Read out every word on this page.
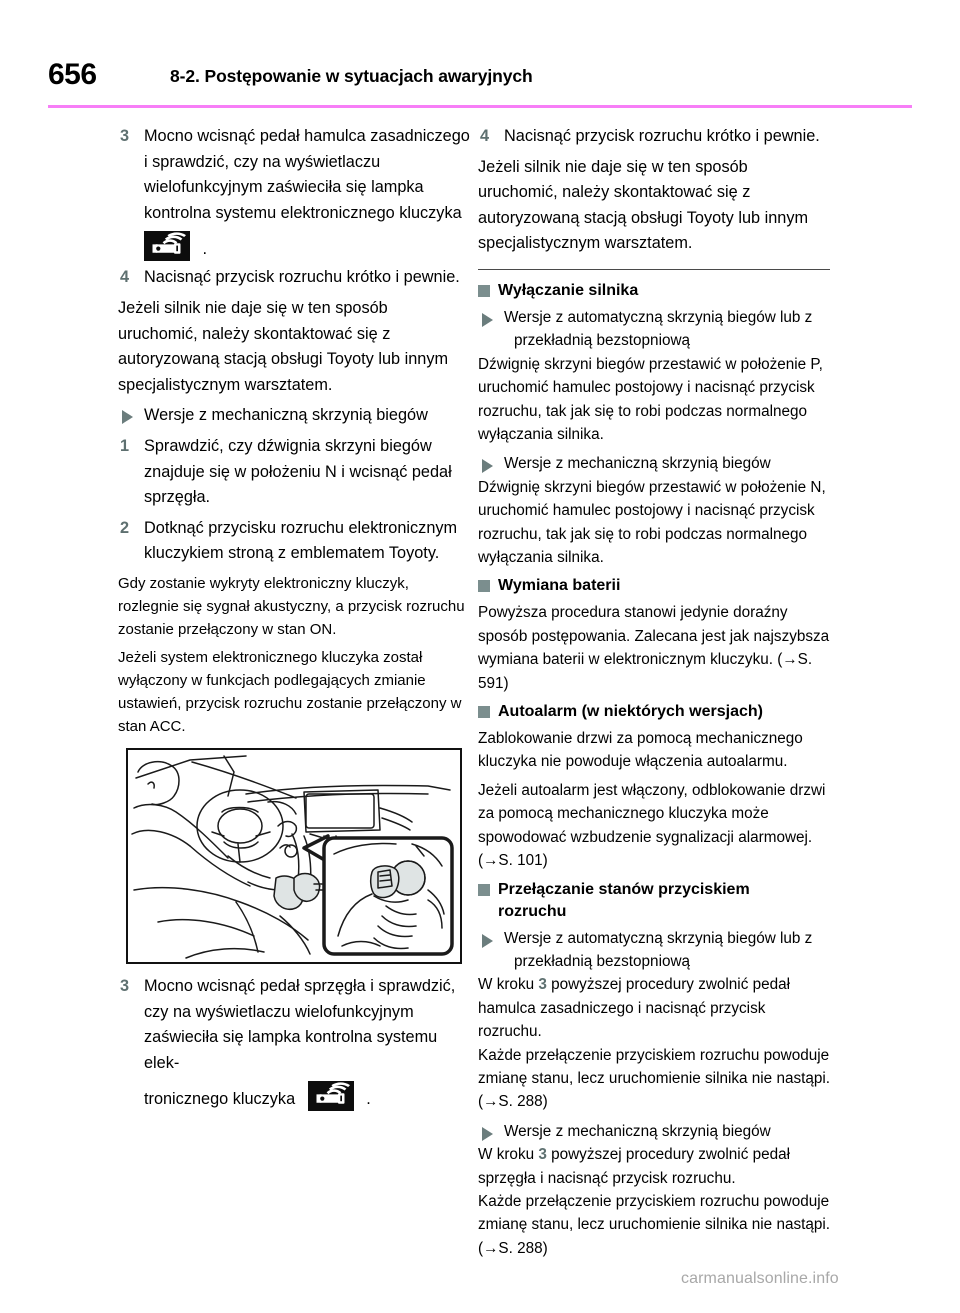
656	8-2. Postępowanie w sytuacjach awaryjnych
3 Mocno wcisnąć pedał hamulca zasadniczego i sprawdzić, czy na wyświetlaczu wielofunkcyjnym zaświeciła się lampka kontrolna systemu elektronicznego kluczyka
.
4 Nacisnąć przycisk rozruchu krótko i pewnie.
Jeżeli silnik nie daje się w ten sposób uruchomić, należy skontaktować się z autoryzowaną stacją obsługi Toyoty lub innym specjalistycznym warsztatem.
Wersje z mechaniczną skrzynią biegów
1 Sprawdzić, czy dźwignia skrzyni biegów znajduje się w położeniu N i wcisnąć pedał sprzęgła.
2 Dotknąć przycisku rozruchu elektronicznym kluczykiem stroną z emblematem Toyoty.
Gdy zostanie wykryty elektroniczny kluczyk, rozlegnie się sygnał akustyczny, a przycisk rozruchu zostanie przełączony w stan ON.
Jeżeli system elektronicznego kluczyka został wyłączony w funkcjach podlegających zmianie ustawień, przycisk rozruchu zostanie przełączony w stan ACC.
3 Mocno wcisnąć pedał sprzęgła i sprawdzić, czy na wyświetlaczu wielofunkcyjnym zaświeciła się lampka kontrolna systemu elek-
tronicznego kluczyka	.
4 Nacisnąć przycisk rozruchu krótko i pewnie.
Jeżeli silnik nie daje się w ten sposób uruchomić, należy skontaktować się z autoryzowaną stacją obsługi Toyoty lub innym specjalistycznym warsztatem.
Wyłączanie silnika
Wersje z automatyczną skrzynią biegów lub z przekładnią bezstopniową
Dźwignię skrzyni biegów przestawić w położenie P, uruchomić hamulec postojowy i nacisnąć przycisk rozruchu, tak jak się to robi podczas normalnego wyłączania silnika.
Wersje z mechaniczną skrzynią biegów
Dźwignię skrzyni biegów przestawić w położenie N, uruchomić hamulec postojowy i nacisnąć przycisk rozruchu, tak jak się to robi podczas normalnego wyłączania silnika.
Wymiana baterii
Powyższa procedura stanowi jedynie doraźny sposób postępowania. Zalecana jest jak najszybsza wymiana baterii w elektronicznym kluczyku. (→S. 591)
Autoalarm (w niektórych wersjach)
Zablokowanie drzwi za pomocą mechanicznego kluczyka nie powoduje włączenia autoalarmu.
Jeżeli autoalarm jest włączony, odblokowanie drzwi za pomocą mechanicznego kluczyka może spowodować wzbudzenie sygnalizacji alarmowej. (→S. 101)
Przełączanie stanów przyciskiem
rozruchu
Wersje z automatyczną skrzynią biegów lub z przekładnią bezstopniową
W kroku 3 powyższej procedury zwolnić pedał hamulca zasadniczego i nacisnąć przycisk rozruchu.
Każde przełączenie przyciskiem rozruchu powoduje zmianę stanu, lecz uruchomienie silnika nie nastąpi. (→S. 288)
Wersje z mechaniczną skrzynią biegów
W kroku 3 powyższej procedury zwolnić pedał sprzęgła i nacisnąć przycisk rozruchu.
Każde przełączenie przyciskiem rozruchu powoduje zmianę stanu, lecz uruchomienie silnika nie nastąpi. (→S. 288)
carmanualsonline.info
